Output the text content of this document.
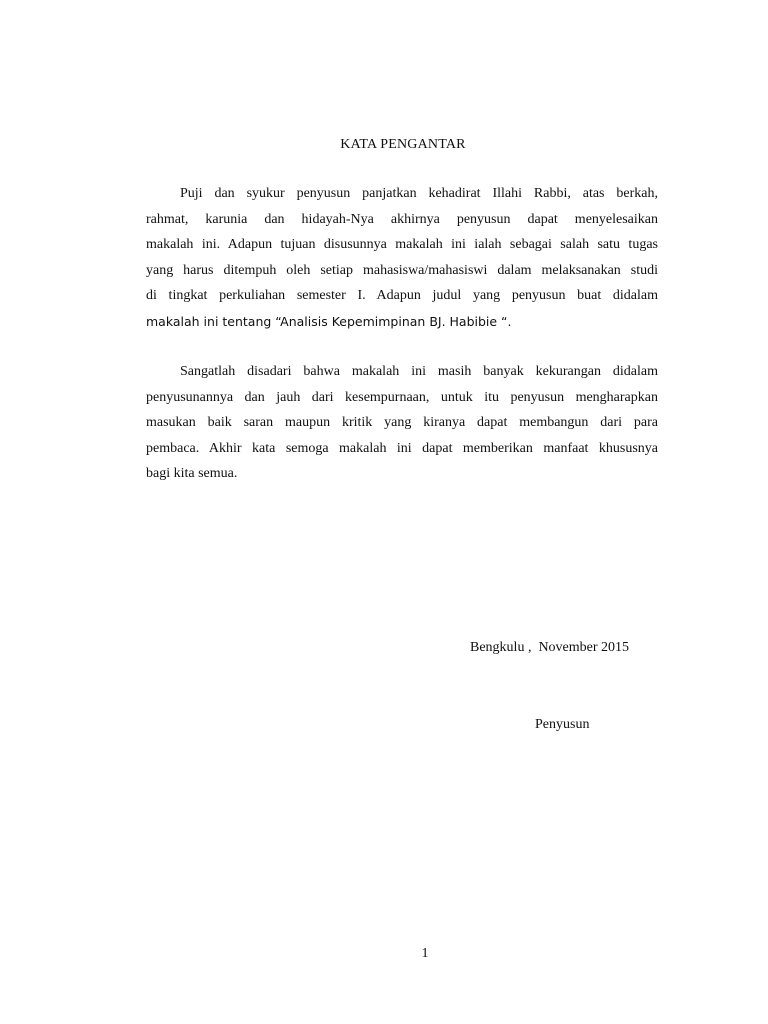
KATA PENGANTAR
Puji dan syukur penyusun panjatkan kehadirat Illahi Rabbi, atas berkah,
rahmat, karunia dan hidayah-Nya akhirnya penyusun dapat menyelesaikan
makalah ini. Adapun tujuan disusunnya makalah ini ialah sebagai salah satu tugas
yang harus ditempuh oleh setiap mahasiswa/mahasiswi dalam melaksanakan studi
di tingkat perkuliahan semester I. Adapun judul yang penyusun buat didalam
makalah ini tentang “Analisis Kepemimpinan BJ. Habibie “.
Sangatlah disadari bahwa makalah ini masih banyak kekurangan didalam
penyusunannya dan jauh dari kesempurnaan, untuk itu penyusun mengharapkan
masukan baik saran maupun kritik yang kiranya dapat membangun dari para
pembaca. Akhir kata semoga makalah ini dapat memberikan manfaat khususnya
bagi kita semua.
Bengkulu ,  November 2015
Penyusun
1
